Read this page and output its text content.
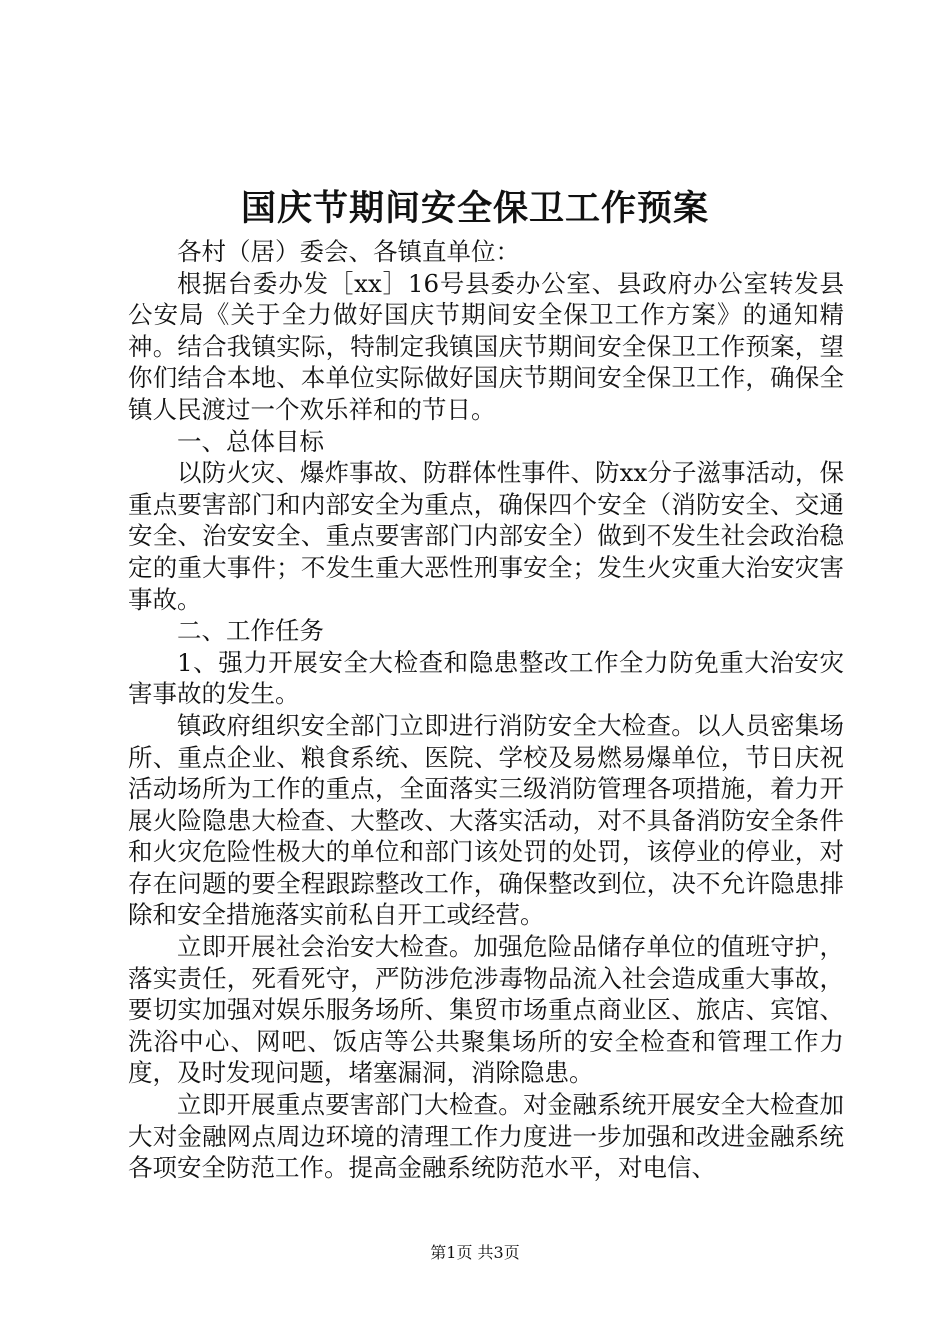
国庆节期间安全保卫工作预案

各村（居）委会、各镇直单位：

根据台委办发［xx］16号县委办公室、县政府办公室转发县公安局《关于全力做好国庆节期间安全保卫工作方案》的通知精神。结合我镇实际，特制定我镇国庆节期间安全保卫工作预案，望你们结合本地、本单位实际做好国庆节期间安全保卫工作，确保全镇人民渡过一个欢乐祥和的节日。

一、总体目标

以防火灾、爆炸事故、防群体性事件、防xx分子滋事活动，保重点要害部门和内部安全为重点，确保四个安全（消防安全、交通安全、治安安全、重点要害部门内部安全）做到不发生社会政治稳定的重大事件；不发生重大恶性刑事安全；发生火灾重大治安灾害事故。

二、工作任务

1、强力开展安全大检查和隐患整改工作全力防免重大治安灾害事故的发生。

镇政府组织安全部门立即进行消防安全大检查。以人员密集场所、重点企业、粮食系统、医院、学校及易燃易爆单位，节日庆祝活动场所为工作的重点，全面落实三级消防管理各项措施，着力开展火险隐患大检查、大整改、大落实活动，对不具备消防安全条件和火灾危险性极大的单位和部门该处罚的处罚，该停业的停业，对存在问题的要全程跟踪整改工作，确保整改到位，决不允许隐患排除和安全措施落实前私自开工或经营。

立即开展社会治安大检查。加强危险品储存单位的值班守护，落实责任，死看死守，严防涉危涉毒物品流入社会造成重大事故，要切实加强对娱乐服务场所、集贸市场重点商业区、旅店、宾馆、洗浴中心、网吧、饭店等公共聚集场所的安全检查和管理工作力度，及时发现问题，堵塞漏洞，消除隐患。

立即开展重点要害部门大检查。对金融系统开展安全大检查加大对金融网点周边环境的清理工作力度进一步加强和改进金融系统各项安全防范工作。提高金融系统防范水平，对电信、

第1页 共3页
